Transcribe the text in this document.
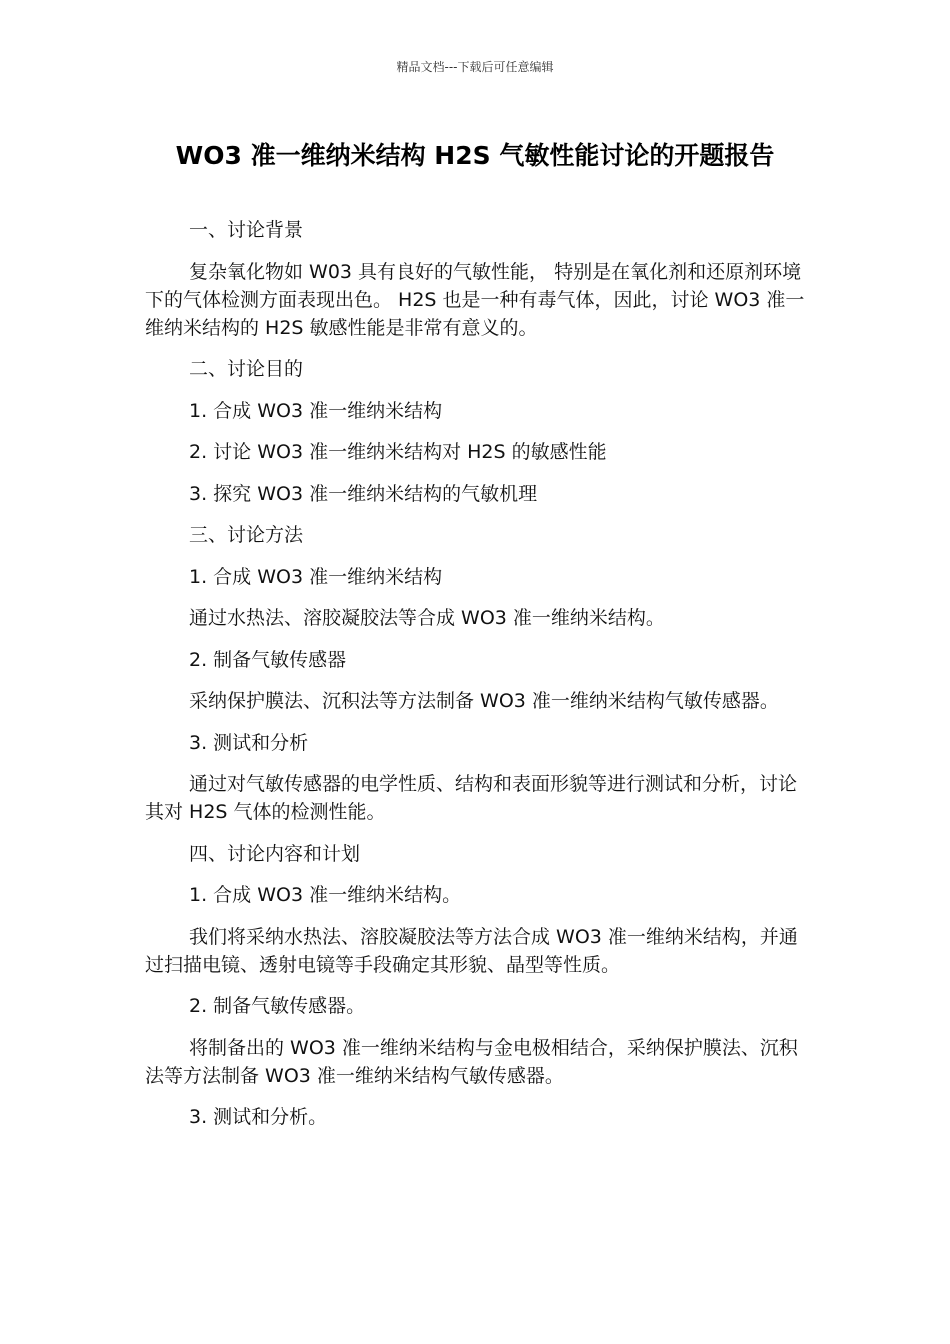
精品文档---下载后可任意编辑
WO3 准一维纳米结构 H2S 气敏性能讨论的开题报告

一、讨论背景

复杂氧化物如 W03 具有良好的气敏性能， 特别是在氧化剂和还原剂环境下的气体检测方面表现出色。 H2S 也是一种有毒气体，因此，讨论 WO3 准一维纳米结构的 H2S 敏感性能是非常有意义的。

二、讨论目的

1. 合成 WO3 准一维纳米结构

2. 讨论 WO3 准一维纳米结构对 H2S 的敏感性能

3. 探究 WO3 准一维纳米结构的气敏机理

三、讨论方法

1. 合成 WO3 准一维纳米结构

通过水热法、溶胶凝胶法等合成 WO3 准一维纳米结构。

2. 制备气敏传感器

采纳保护膜法、沉积法等方法制备 WO3 准一维纳米结构气敏传感器。

3. 测试和分析

通过对气敏传感器的电学性质、结构和表面形貌等进行测试和分析，讨论其对 H2S 气体的检测性能。

四、讨论内容和计划

1. 合成 WO3 准一维纳米结构。

我们将采纳水热法、溶胶凝胶法等方法合成 WO3 准一维纳米结构，并通过扫描电镜、透射电镜等手段确定其形貌、晶型等性质。

2. 制备气敏传感器。

将制备出的 WO3 准一维纳米结构与金电极相结合，采纳保护膜法、沉积法等方法制备 WO3 准一维纳米结构气敏传感器。

3. 测试和分析。
